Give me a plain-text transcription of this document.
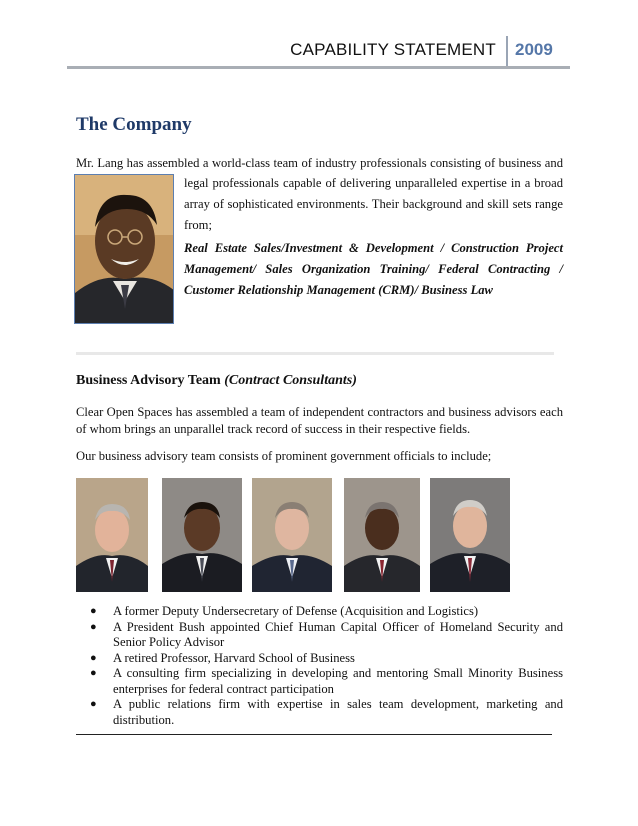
CAPABILITY STATEMENT 2009
The Company
Mr. Lang has assembled a world-class team of industry professionals consisting of business and
legal professionals capable of delivering unparalleled expertise in a broad array of sophisticated environments. Their background and skill sets range from;
Real Estate Sales/Investment & Development / Construction Project Management/ Sales Organization Training/ Federal Contracting / Customer Relationship Management (CRM)/ Business Law
Business Advisory Team (Contract Consultants)
Clear Open Spaces has assembled a team of independent contractors and business advisors each of whom brings an unparallel track record of success in their respective fields.
Our business advisory team consists of prominent government officials to include;
● A former Deputy Undersecretary of Defense (Acquisition and Logistics)
● A President Bush appointed Chief Human Capital Officer of Homeland Security and Senior Policy Advisor
● A retired Professor, Harvard School of Business
● A consulting firm specializing in developing and mentoring Small Minority Business enterprises for federal contract participation
● A public relations firm with expertise in sales team development, marketing and distribution.
